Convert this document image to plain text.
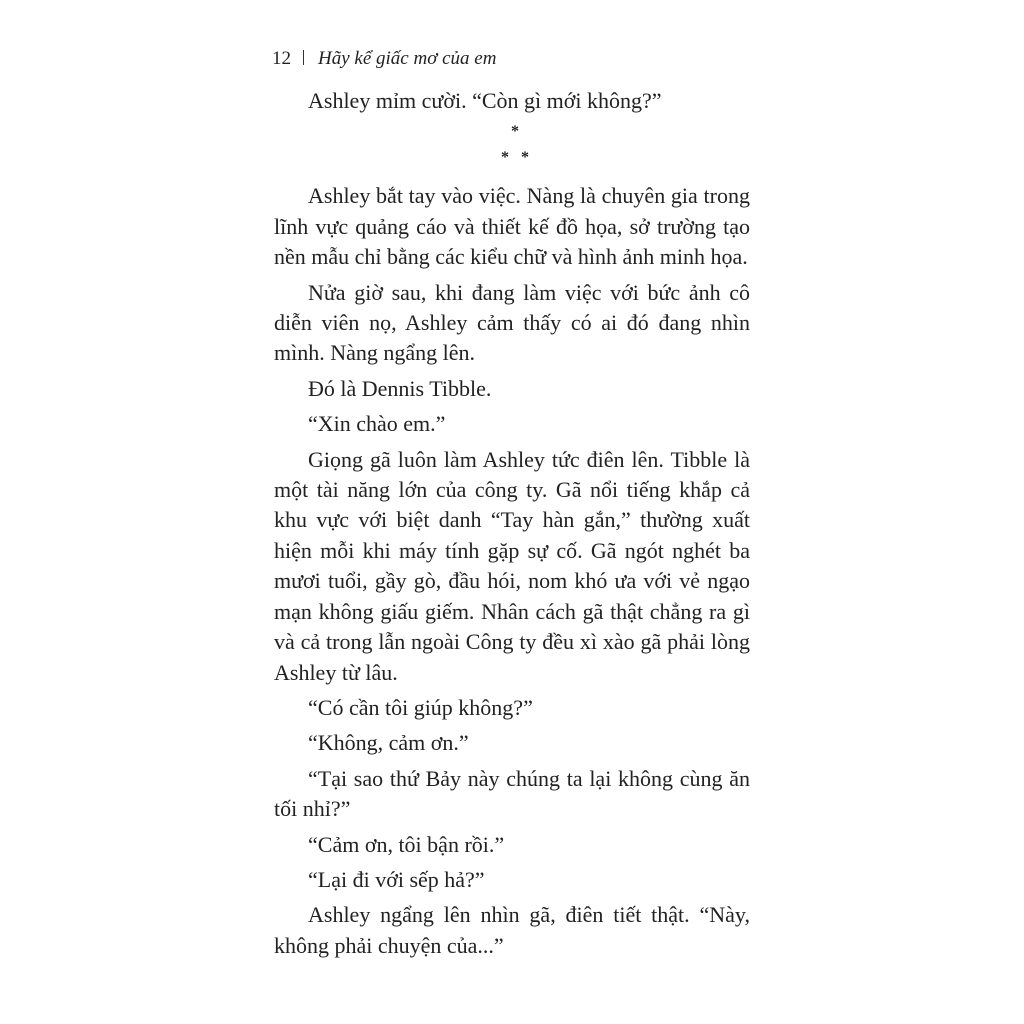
12 Hãy kể giấc mơ của em

Ashley mỉm cười. “Còn gì mới không?”

*
*   *

Ashley bắt tay vào việc. Nàng là chuyên gia trong lĩnh vực quảng cáo và thiết kế đồ họa, sở trường tạo nền mẫu chỉ bằng các kiểu chữ và hình ảnh minh họa.

Nửa giờ sau, khi đang làm việc với bức ảnh cô diễn viên nọ, Ashley cảm thấy có ai đó đang nhìn mình. Nàng ngẩng lên.

Đó là Dennis Tibble.

“Xin chào em.”

Giọng gã luôn làm Ashley tức điên lên. Tibble là một tài năng lớn của công ty. Gã nổi tiếng khắp cả khu vực với biệt danh “Tay hàn gắn,” thường xuất hiện mỗi khi máy tính gặp sự cố. Gã ngót nghét ba mươi tuổi, gầy gò, đầu hói, nom khó ưa với vẻ ngạo mạn không giấu giếm. Nhân cách gã thật chẳng ra gì và cả trong lẫn ngoài Công ty đều xì xào gã phải lòng Ashley từ lâu.

“Có cần tôi giúp không?”

“Không, cảm ơn.”

“Tại sao thứ Bảy này chúng ta lại không cùng ăn tối nhỉ?”

“Cảm ơn, tôi bận rồi.”

“Lại đi với sếp hả?”

Ashley ngẩng lên nhìn gã, điên tiết thật. “Này, không phải chuyện của...”
